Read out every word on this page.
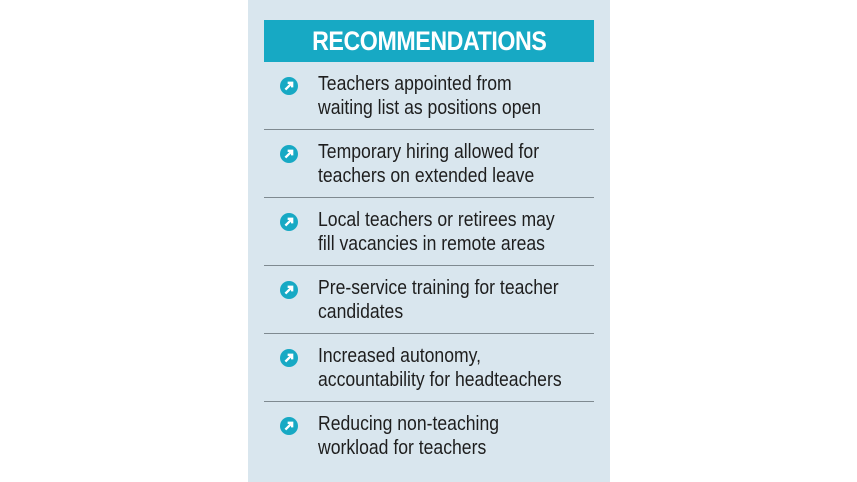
RECOMMENDATIONS
Teachers appointed from
waiting list as positions open
Temporary hiring allowed for
teachers on extended leave
Local teachers or retirees may
fill vacancies in remote areas
Pre-service training for teacher
candidates
Increased autonomy,
accountability for headteachers
Reducing non-teaching
workload for teachers
